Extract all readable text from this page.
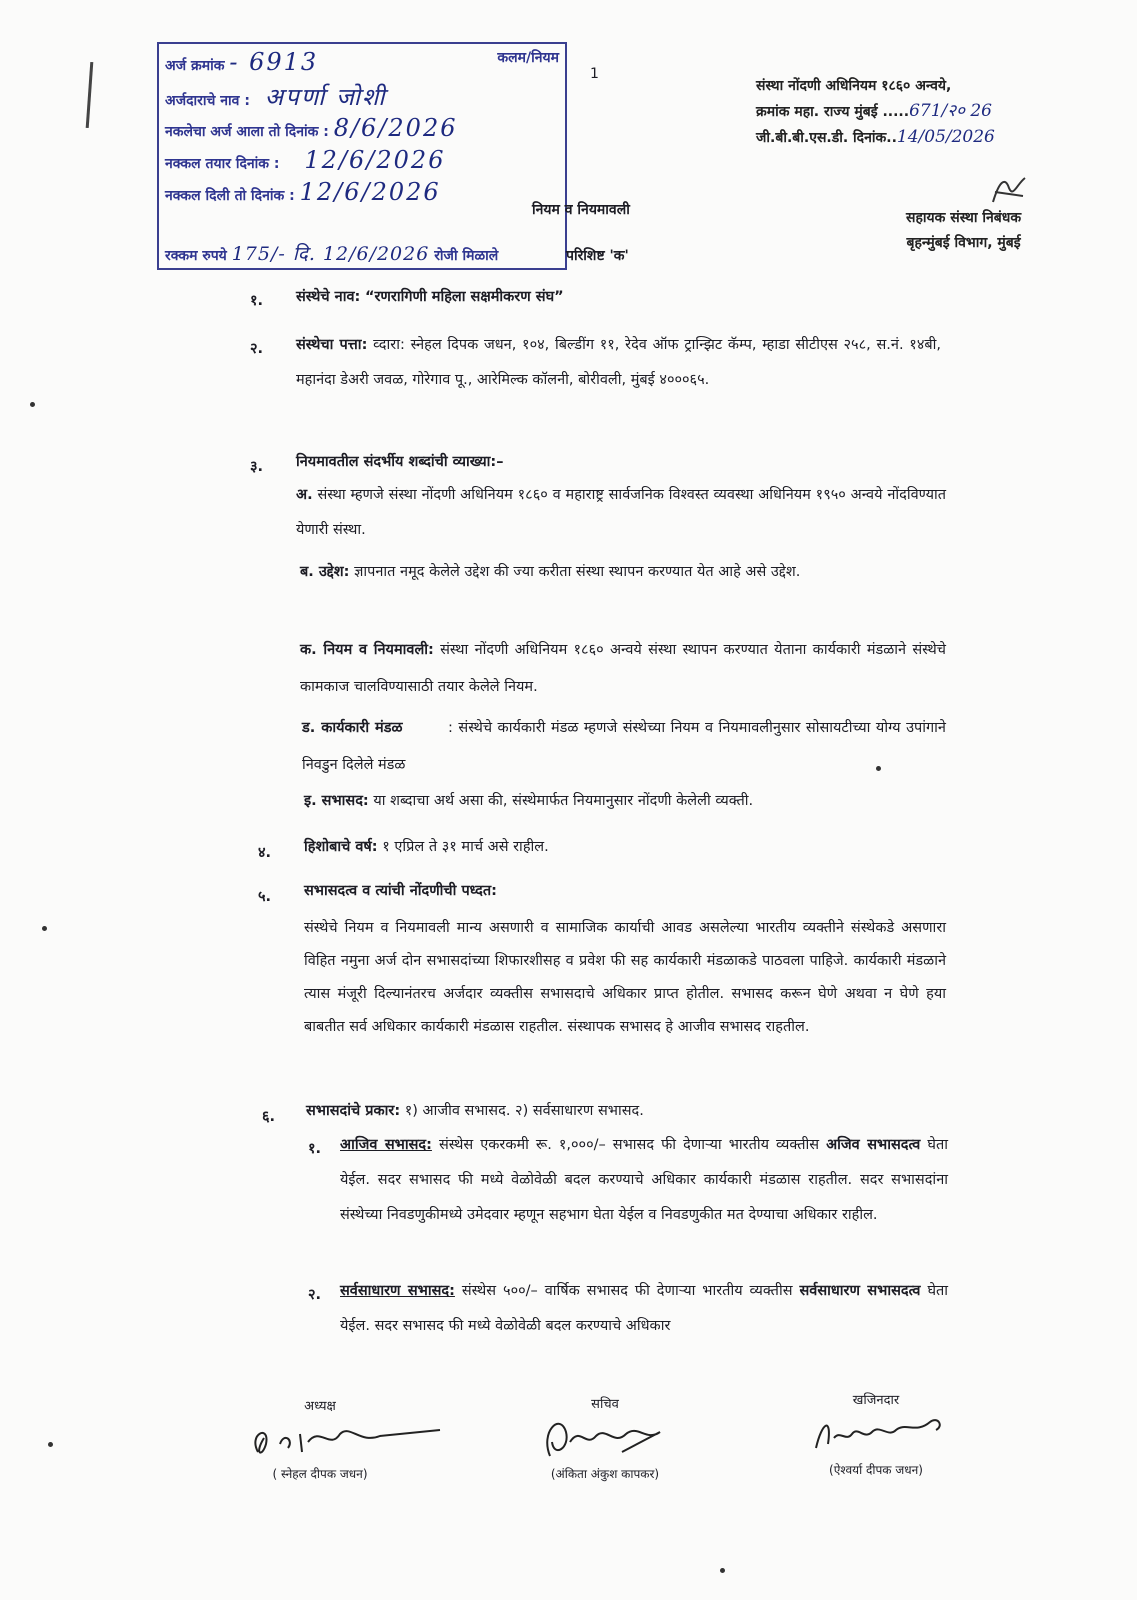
कलम/नियम
अर्ज क्रमांक - 6913
अर्जदाराचे नाव : अपर्णा जोशी
नकलेचा अर्ज आला तो दिनांक : 8/6/2026
नक्कल तयार दिनांक : 12/6/2026
नक्कल दिली तो दिनांक : 12/6/2026
रक्कम रुपये 175/- दि. 12/6/2026 रोजी मिळाले
1
संस्था नोंदणी अधिनियम १८६० अन्वये,
क्रमांक महा. राज्य मुंबई .....671/२० 26
जी.बी.बी.एस.डी. दिनांक..14/05/2026
सहायक संस्था निबंधक
बृहन्मुंबई विभाग, मुंबई
नियम व नियमावली
परिशिष्ट 'क'
१. संस्थेचे नाव: “रणरागिणी महिला सक्षमीकरण संघ”
२. संस्थेचा पत्ता: व्दारा: स्नेहल दिपक जधन, १०४, बिल्डींग ११, रेदेव ऑफ ट्रान्झिट कॅम्प, म्हाडा सीटीएस २५८, स.नं. १४बी, महानंदा डेअरी जवळ, गोरेगाव पू., आरेमिल्क कॉलनी, बोरीवली, मुंबई ४०००६५.
३. नियमावतील संदर्भीय शब्दांची व्याख्या:–
अ. संस्था म्हणजे संस्था नोंदणी अधिनियम १८६० व महाराष्ट्र सार्वजनिक विश्वस्त व्यवस्था अधिनियम १९५० अन्वये नोंदविण्यात येणारी संस्था.
ब. उद्देश: ज्ञापनात नमूद केलेले उद्देश की ज्या करीता संस्था स्थापन करण्यात येत आहे असे उद्देश.
क. नियम व नियमावली: संस्था नोंदणी अधिनियम १८६० अन्वये संस्था स्थापन करण्यात येताना कार्यकारी मंडळाने संस्थेचे कामकाज चालविण्यासाठी तयार केलेले नियम.
ड. कार्यकारी मंडळ	: संस्थेचे कार्यकारी मंडळ म्हणजे संस्थेच्या नियम व नियमावलीनुसार सोसायटीच्या योग्य उपांगाने निवडुन दिलेले मंडळ
इ. सभासद: या शब्दाचा अर्थ असा की, संस्थेमार्फत नियमानुसार नोंदणी केलेली व्यक्ती.
४. हिशोबाचे वर्ष: १ एप्रिल ते ३१ मार्च असे राहील.
५. सभासदत्व व त्यांची नोंदणीची पध्दत:
संस्थेचे नियम व नियमावली मान्य असणारी व सामाजिक कार्याची आवड असलेल्या भारतीय व्यक्तीने संस्थेकडे असणारा विहित नमुना अर्ज दोन सभासदांच्या शिफारशीसह व प्रवेश फी सह कार्यकारी मंडळाकडे पाठवला पाहिजे. कार्यकारी मंडळाने त्यास मंजूरी दिल्यानंतरच अर्जदार व्यक्तीस सभासदाचे अधिकार प्राप्त होतील. सभासद करून घेणे अथवा न घेणे हया बाबतीत सर्व अधिकार कार्यकारी मंडळास राहतील. संस्थापक सभासद हे आजीव सभासद राहतील.
६. सभासदांचे प्रकार: १) आजीव सभासद. २) सर्वसाधारण सभासद.
१. आजिव सभासद: संस्थेस एकरकमी रू. १,०००/– सभासद फी देणाऱ्या भारतीय व्यक्तीस अजिव सभासदत्व घेता येईल. सदर सभासद फी मध्ये वेळोवेळी बदल करण्याचे अधिकार कार्यकारी मंडळास राहतील. सदर सभासदांना संस्थेच्या निवडणुकीमध्ये उमेदवार म्हणून सहभाग घेता येईल व निवडणुकीत मत देण्याचा अधिकार राहील.
२. सर्वसाधारण सभासद: संस्थेस ५००/– वार्षिक सभासद फी देणाऱ्या भारतीय व्यक्तीस सर्वसाधारण सभासदत्व घेता येईल. सदर सभासद फी मध्ये वेळोवेळी बदल करण्याचे अधिकार
अध्यक्ष
( स्नेहल दीपक जधन)
सचिव
(अंकिता अंकुश कापकर)
खजिनदार
(ऐश्वर्या दीपक जधन)
